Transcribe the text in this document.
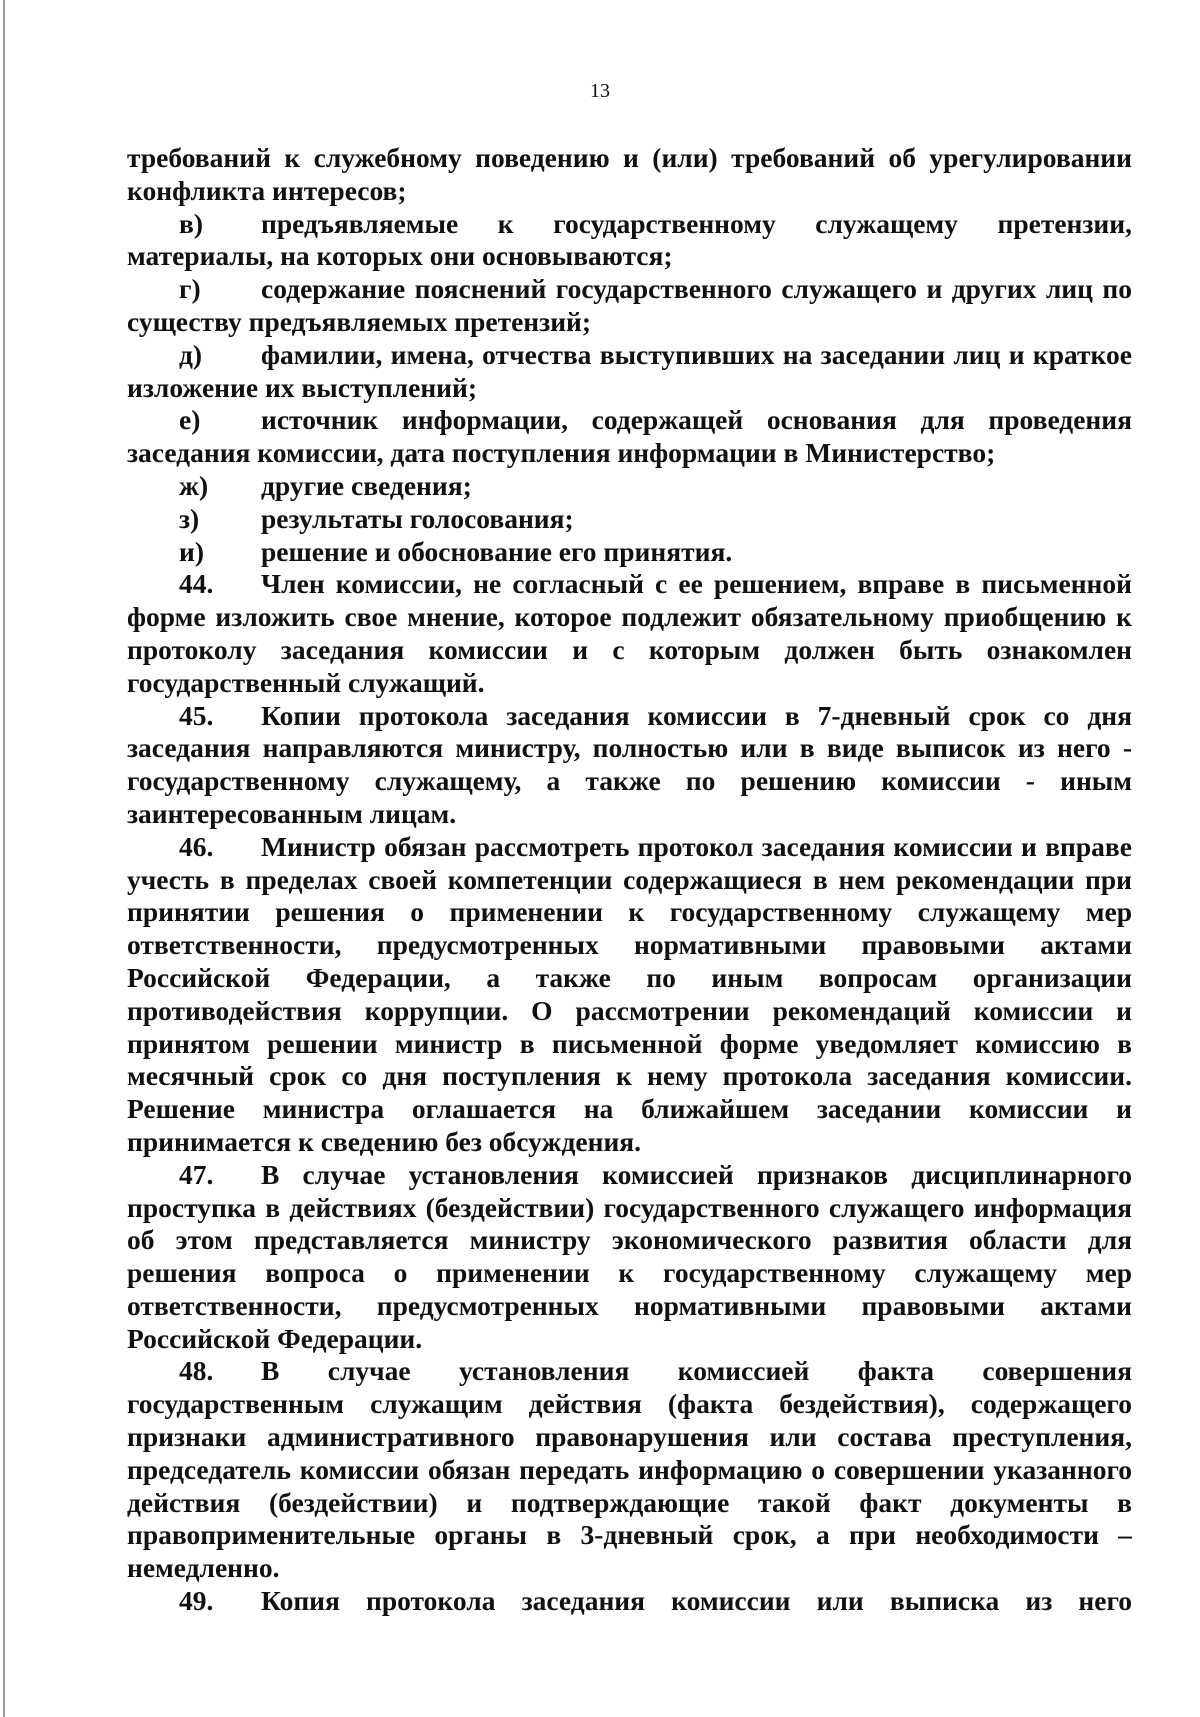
13

требований к служебному поведению и (или) требований об урегулировании конфликта интересов;

в) предъявляемые к государственному служащему претензии, материалы, на которых они основываются;

г) содержание пояснений государственного служащего и других лиц по существу предъявляемых претензий;

д) фамилии, имена, отчества выступивших на заседании лиц и краткое изложение их выступлений;

е) источник информации, содержащей основания для проведения заседания комиссии, дата поступления информации в Министерство;

ж) другие сведения;

з) результаты голосования;

и) решение и обоснование его принятия.

44. Член комиссии, не согласный с ее решением, вправе в письменной форме изложить свое мнение, которое подлежит обязательному приобщению к протоколу заседания комиссии и с которым должен быть ознакомлен государственный служащий.

45. Копии протокола заседания комиссии в 7-дневный срок со дня заседания направляются министру, полностью или в виде выписок из него - государственному служащему, а также по решению комиссии - иным заинтересованным лицам.

46. Министр обязан рассмотреть протокол заседания комиссии и вправе учесть в пределах своей компетенции содержащиеся в нем рекомендации при принятии решения о применении к государственному служащему мер ответственности, предусмотренных нормативными правовыми актами Российской Федерации, а также по иным вопросам организации противодействия коррупции. О рассмотрении рекомендаций комиссии и принятом решении министр в письменной форме уведомляет комиссию в месячный срок со дня поступления к нему протокола заседания комиссии. Решение министра оглашается на ближайшем заседании комиссии и принимается к сведению без обсуждения.

47. В случае установления комиссией признаков дисциплинарного проступка в действиях (бездействии) государственного служащего информация об этом представляется министру экономического развития области для решения вопроса о применении к государственному служащему мер ответственности, предусмотренных нормативными правовыми актами Российской Федерации.

48. В случае установления комиссией факта совершения государственным служащим действия (факта бездействия), содержащего признаки административного правонарушения или состава преступления, председатель комиссии обязан передать информацию о совершении указанного действия (бездействии) и подтверждающие такой факт документы в правоприменительные органы в 3-дневный срок, а при необходимости – немедленно.

49. Копия протокола заседания комиссии или выписка из него
